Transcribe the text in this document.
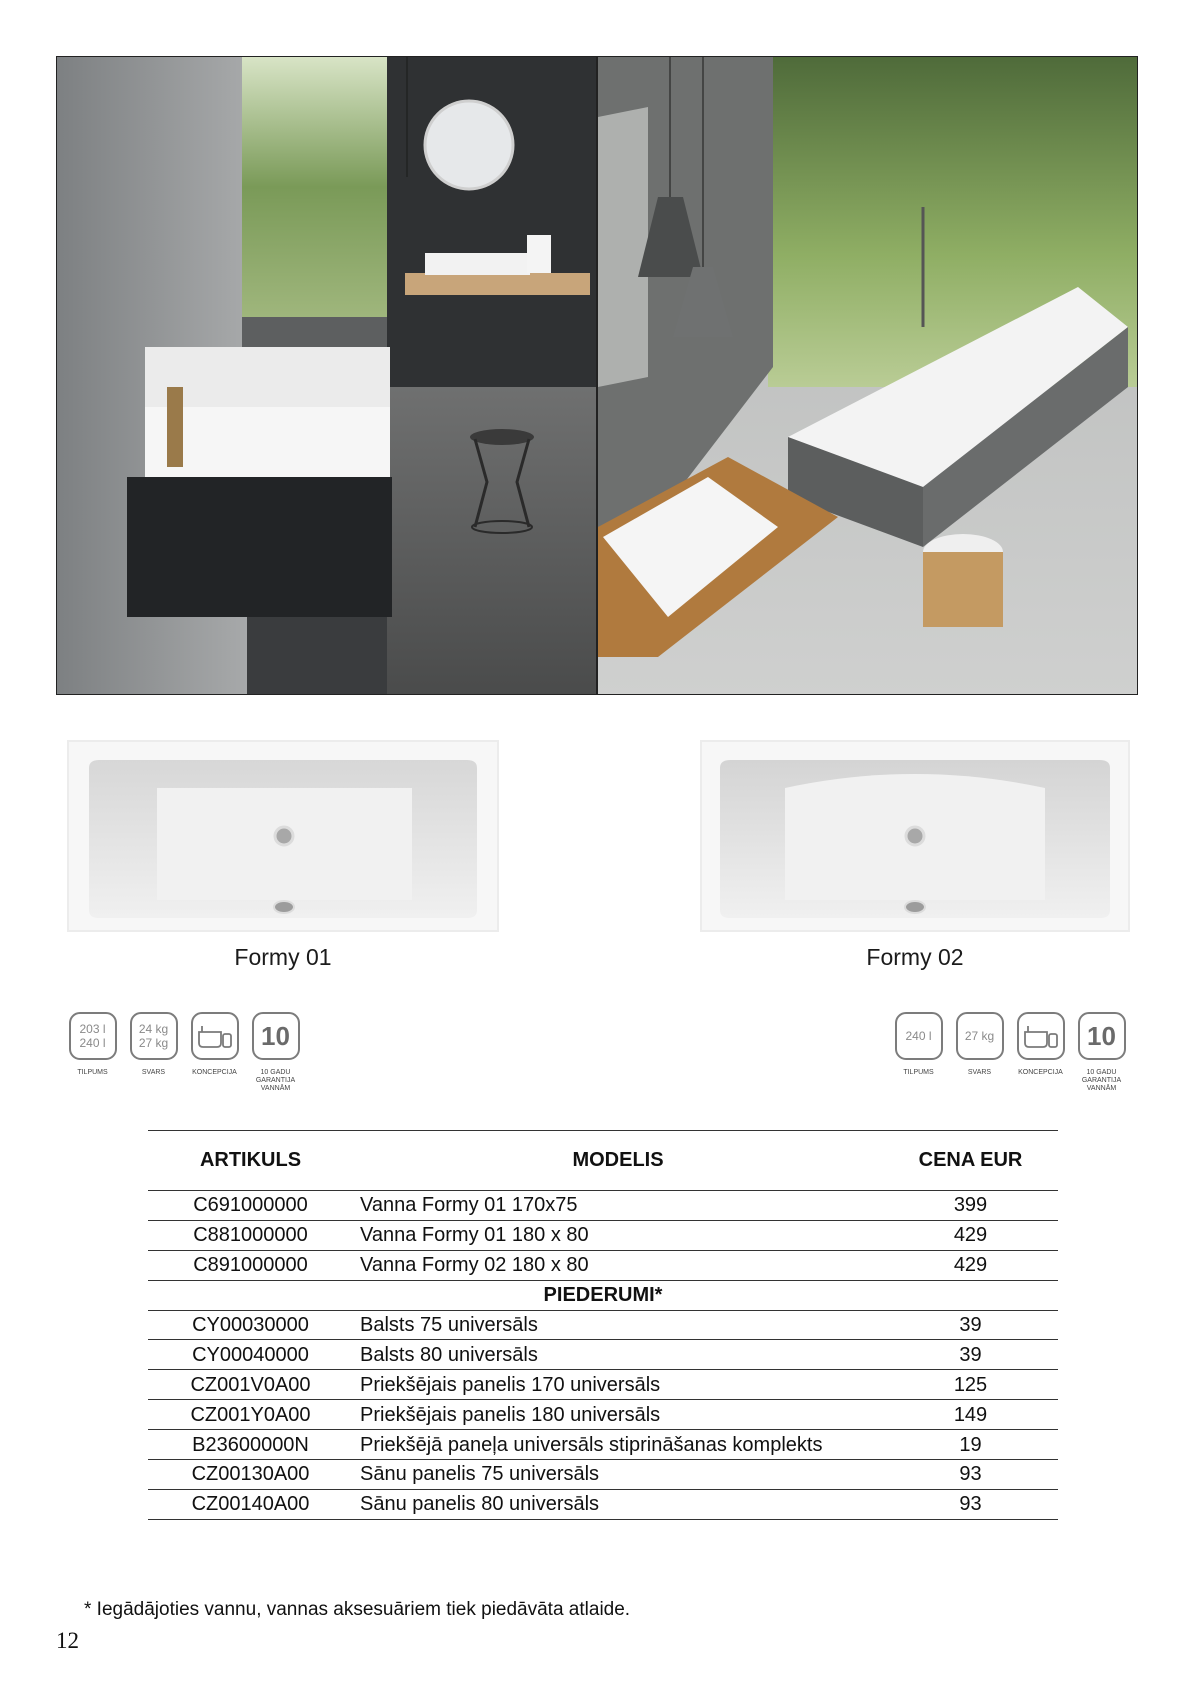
Formy 01	Formy 02
203 l
240 l
TILPUMS
24 kg
27 kg
SVARS	KONCEPCIJA
10
10 GADU GARANTIJA VANNĀM
240 l
TILPUMS
27 kg
SVARS	KONCEPCIJA
10
10 GADU GARANTIJA VANNĀM
ARTIKULS	MODELIS	CENA EUR
C691000000	Vanna Formy 01 170x75	399
C881000000	Vanna Formy 01 180 x 80	429
C891000000	Vanna Formy 02 180 x 80	429
PIEDERUMI*		
CY00030000	Balsts 75 universāls	39
CY00040000	Balsts 80 universāls	39
CZ001V0A00	Priekšējais panelis 170 universāls	125
CZ001Y0A00	Priekšējais panelis 180 universāls	149
B23600000N	Priekšējā paneļa universāls stiprināšanas komplekts	19
CZ00130A00	Sānu panelis 75 universāls	93
CZ00140A00	Sānu panelis 80 universāls	93
* Iegādājoties vannu, vannas aksesuāriem tiek piedāvāta atlaide.
12
